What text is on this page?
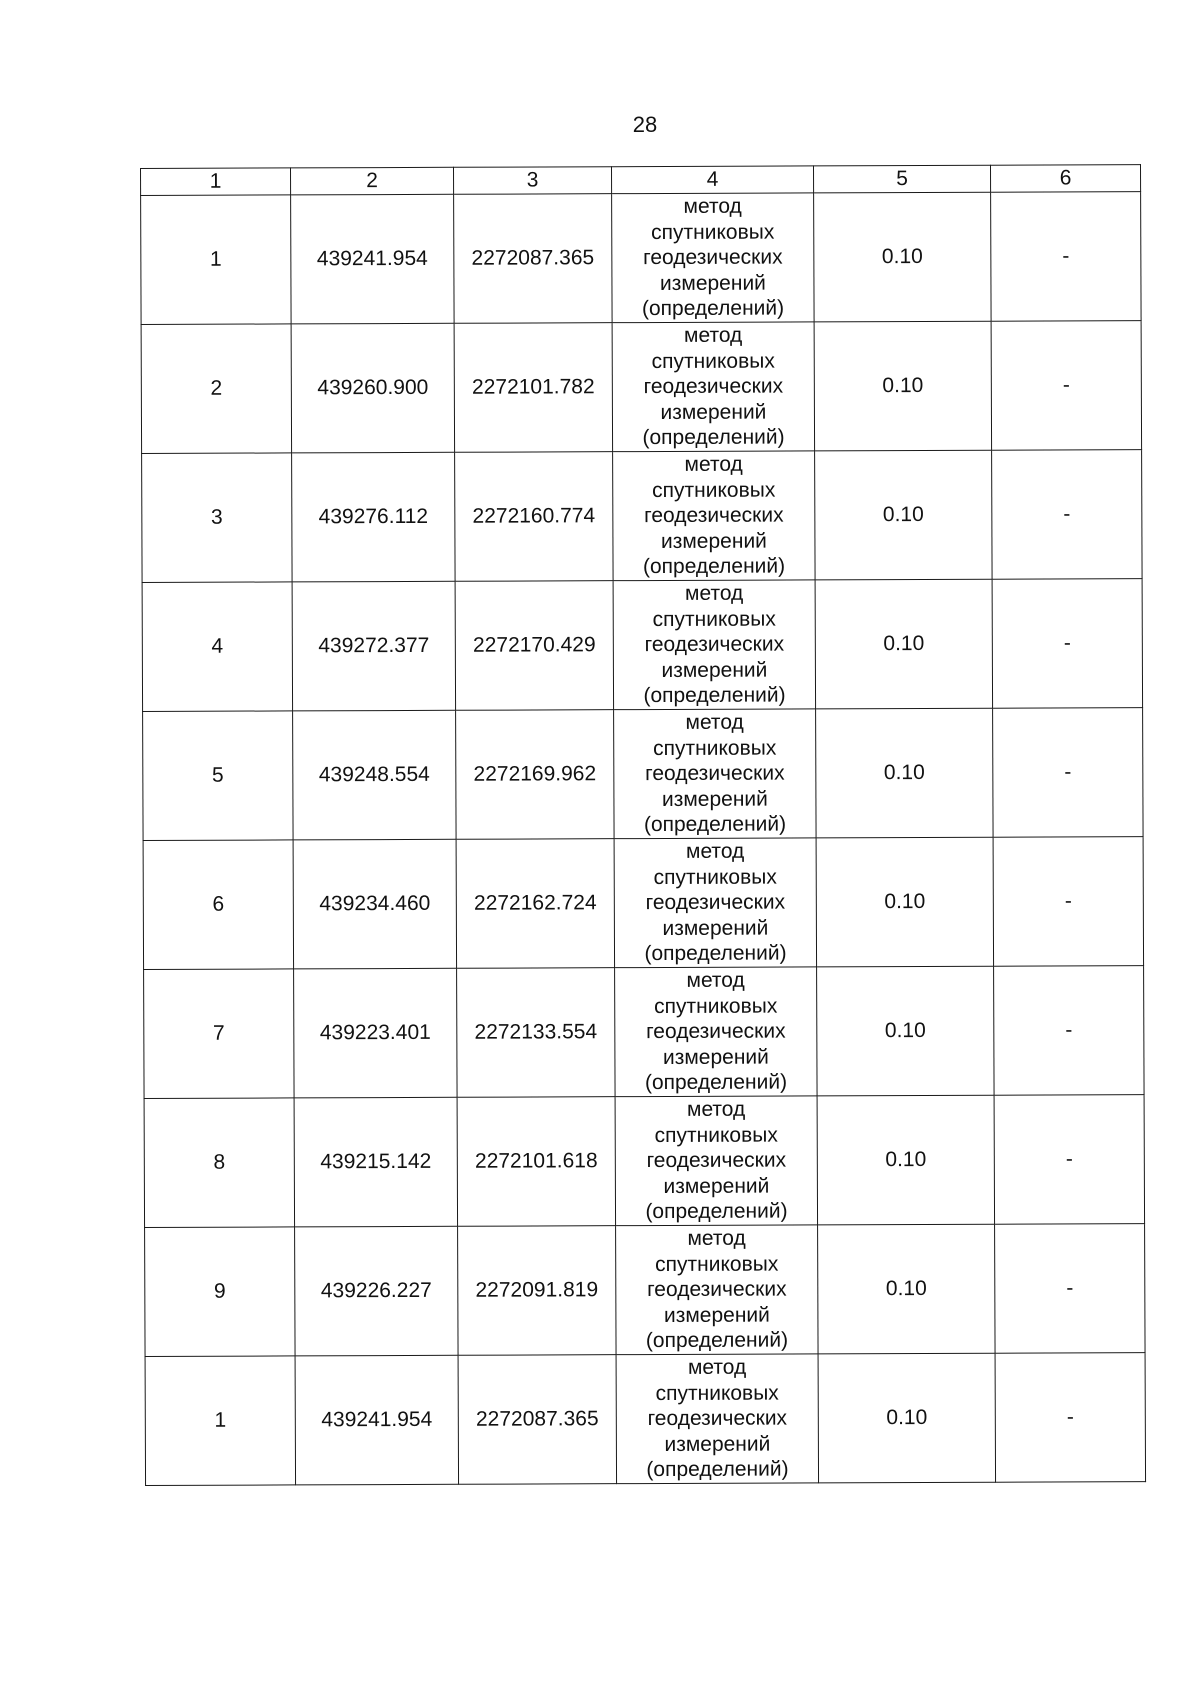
28
1	2	3	4	5	6
1	439241.954	2272087.365	метод
спутниковых
геодезических
измерений
(определений)	0.10	-
2	439260.900	2272101.782	метод
спутниковых
геодезических
измерений
(определений)	0.10	-
3	439276.112	2272160.774	метод
спутниковых
геодезических
измерений
(определений)	0.10	-
4	439272.377	2272170.429	метод
спутниковых
геодезических
измерений
(определений)	0.10	-
5	439248.554	2272169.962	метод
спутниковых
геодезических
измерений
(определений)	0.10	-
6	439234.460	2272162.724	метод
спутниковых
геодезических
измерений
(определений)	0.10	-
7	439223.401	2272133.554	метод
спутниковых
геодезических
измерений
(определений)	0.10	-
8	439215.142	2272101.618	метод
спутниковых
геодезических
измерений
(определений)	0.10	-
9	439226.227	2272091.819	метод
спутниковых
геодезических
измерений
(определений)	0.10	-
1	439241.954	2272087.365	метод
спутниковых
геодезических
измерений
(определений)	0.10	-
